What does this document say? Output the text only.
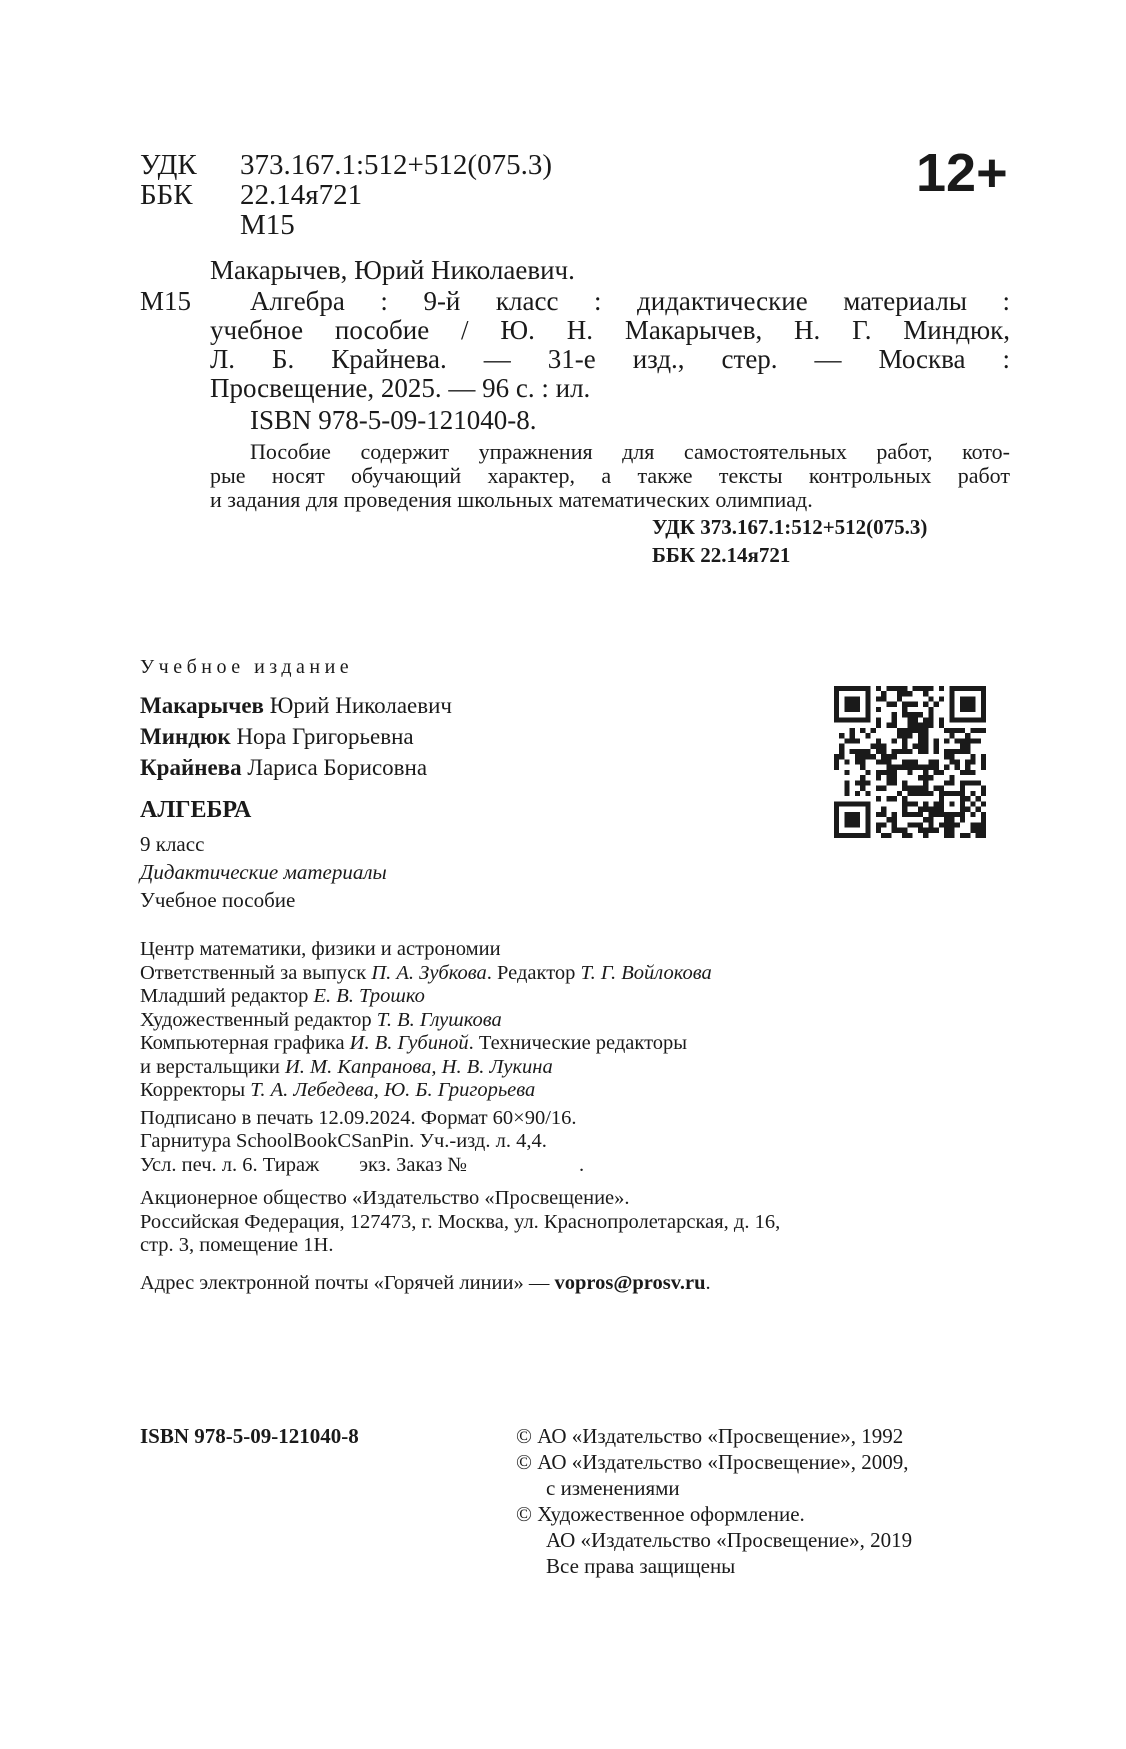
УДК 373.167.1:512+512(075.3)
ББК 22.14я721
М15
12+
Макарычев, Юрий Николаевич.
М15 Алгебра : 9-й класс : дидактические материалы :
учебное пособие / Ю. Н. Макарычев, Н. Г. Миндюк,
Л. Б. Крайнева. — 31-е изд., стер. — Москва :
Просвещение, 2025. — 96 с. : ил.
ISBN 978-5-09-121040-8.
Пособие содержит упражнения для самостоятельных работ, кото-
рые носят обучающий характер, а также тексты контрольных работ
и задания для проведения школьных математических олимпиад.
УДК 373.167.1:512+512(075.3)
ББК 22.14я721
Учебное издание
Макарычев Юрий Николаевич
Миндюк Нора Григорьевна
Крайнева Лариса Борисовна
АЛГЕБРА
9 класс
Дидактические материалы
Учебное пособие
Центр математики, физики и астрономии
Ответственный за выпуск П. А. Зубкова. Редактор Т. Г. Войлокова
Младший редактор Е. В. Трошко
Художественный редактор Т. В. Глушкова
Компьютерная графика И. В. Губиной. Технические редакторы
и верстальщики И. М. Капранова, Н. В. Лукина
Корректоры Т. А. Лебедева, Ю. Б. Григорьева
Подписано в печать 12.09.2024. Формат 60×90/16.
Гарнитура SchoolBookCSanPin. Уч.-изд. л. 4,4.
Усл. печ. л. 6. Тираж экз. Заказ №	.
Акционерное общество «Издательство «Просвещение».
Российская Федерация, 127473, г. Москва, ул. Краснопролетарская, д. 16,
стр. 3, помещение 1Н.
Адрес электронной почты «Горячей линии» — vopros@prosv.ru.
ISBN 978-5-09-121040-8	© АО «Издательство «Просвещение», 1992
© АО «Издательство «Просвещение», 2009,
с изменениями
© Художественное оформление.
АО «Издательство «Просвещение», 2019
Все права защищены
